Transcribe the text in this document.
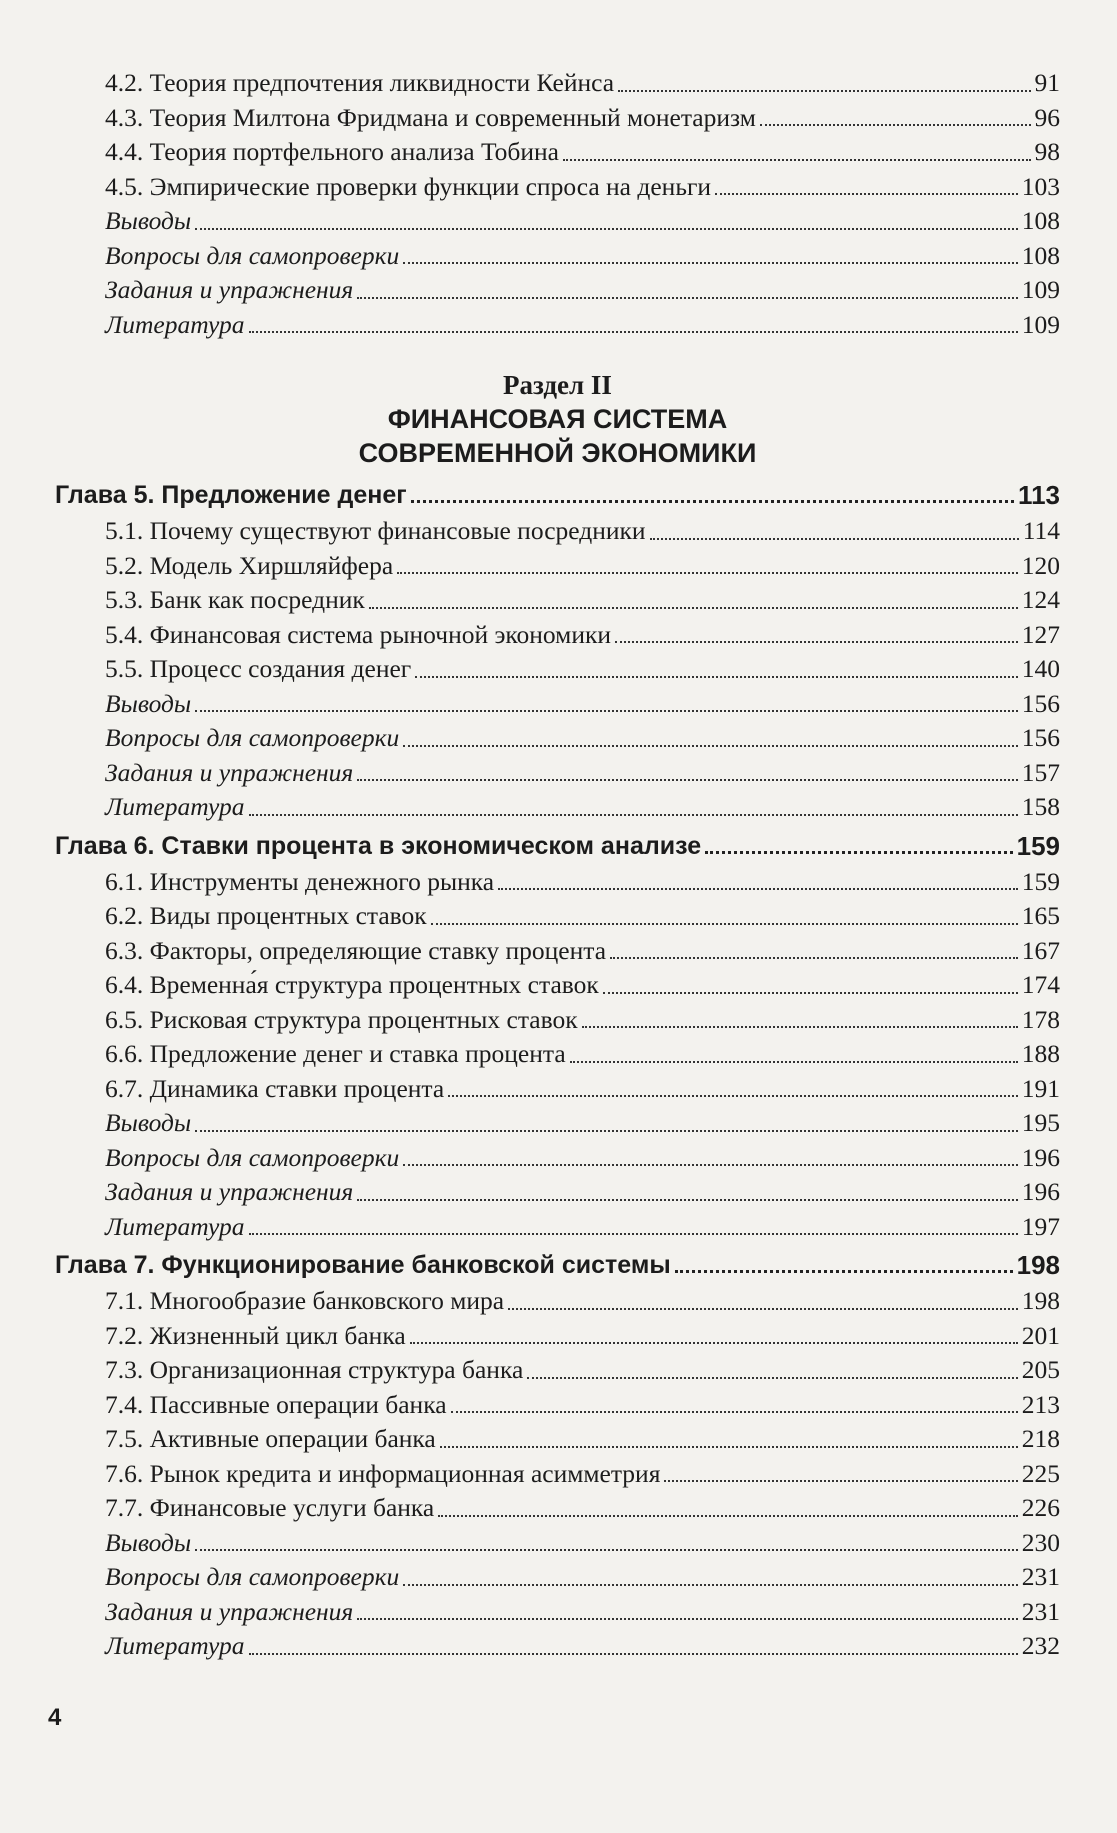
4.2. Теория предпочтения ликвидности Кейнса	91
4.3. Теория Милтона Фридмана и современный монетаризм	96
4.4. Теория портфельного анализа Тобина	98
4.5. Эмпирические проверки функции спроса на деньги	103
Выводы	108
Вопросы для самопроверки	108
Задания и упражнения	109
Литература	109
Раздел II
ФИНАНСОВАЯ СИСТЕМА
СОВРЕМЕННОЙ ЭКОНОМИКИ
Глава 5. Предложение денег	113
5.1. Почему существуют финансовые посредники	114
5.2. Модель Хиршляйфера	120
5.3. Банк как посредник	124
5.4. Финансовая система рыночной экономики	127
5.5. Процесс создания денег	140
Выводы	156
Вопросы для самопроверки	156
Задания и упражнения	157
Литература	158
Глава 6. Ставки процента в экономическом анализе	159
6.1. Инструменты денежного рынка	159
6.2. Виды процентных ставок	165
6.3. Факторы, определяющие ставку процента	167
6.4. Временна́я структура процентных ставок	174
6.5. Рисковая структура процентных ставок	178
6.6. Предложение денег и ставка процента	188
6.7. Динамика ставки процента	191
Выводы	195
Вопросы для самопроверки	196
Задания и упражнения	196
Литература	197
Глава 7. Функционирование банковской системы	198
7.1. Многообразие банковского мира	198
7.2. Жизненный цикл банка	201
7.3. Организационная структура банка	205
7.4. Пассивные операции банка	213
7.5. Активные операции банка	218
7.6. Рынок кредита и информационная асимметрия	225
7.7. Финансовые услуги банка	226
Выводы	230
Вопросы для самопроверки	231
Задания и упражнения	231
Литература	232
4
